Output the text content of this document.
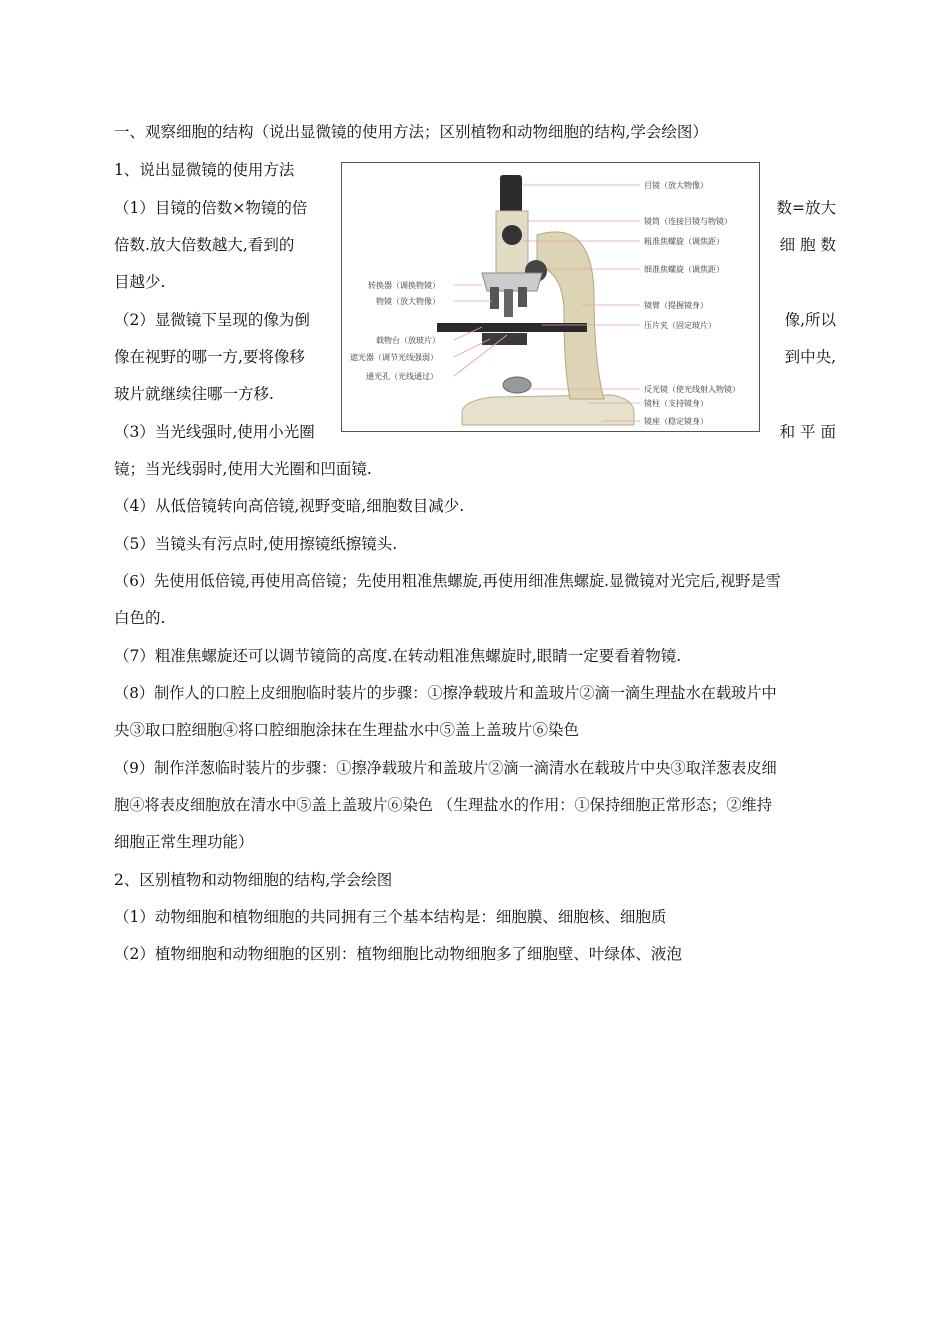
一、观察细胞的结构（说出显微镜的使用方法；区别植物和动物细胞的结构,学会绘图）
1、说出显微镜的使用方法
目镜（放大物像）
镜筒（连接目镜与物镜）
粗准焦螺旋（调焦距）
细准焦螺旋（调焦距）
镜臂（提握镜身）
压片夹（固定玻片）
反光镜（使光线射入物镜）
镜柱（支持镜身）
镜座（稳定镜身）
转换器（调换物镜）
物镜（放大物像）
载物台（放玻片）
遮光器（调节光线强弱）
通光孔（光线通过）
（1）目镜的倍数×物镜的倍	数=放大
倍数.放大倍数越大,看到的	细 胞 数
目越少.
（2）显微镜下呈现的像为倒	像,所以
像在视野的哪一方,要将像移	到中央,
玻片就继续往哪一方移.
（3）当光线强时,使用小光圈	和 平 面
镜；当光线弱时,使用大光圈和凹面镜.
（4）从低倍镜转向高倍镜,视野变暗,细胞数目减少.
（5）当镜头有污点时,使用擦镜纸擦镜头.
（6）先使用低倍镜,再使用高倍镜；先使用粗准焦螺旋,再使用细准焦螺旋.显微镜对光完后,视野是雪
白色的.
（7）粗准焦螺旋还可以调节镜筒的高度.在转动粗准焦螺旋时,眼睛一定要看着物镜.
（8）制作人的口腔上皮细胞临时装片的步骤：①擦净载玻片和盖玻片②滴一滴生理盐水在载玻片中
央③取口腔细胞④将口腔细胞涂抹在生理盐水中⑤盖上盖玻片⑥染色
（9）制作洋葱临时装片的步骤：①擦净载玻片和盖玻片②滴一滴清水在载玻片中央③取洋葱表皮细
胞④将表皮细胞放在清水中⑤盖上盖玻片⑥染色 （生理盐水的作用：①保持细胞正常形态；②维持
细胞正常生理功能）
2、区别植物和动物细胞的结构,学会绘图
（1）动物细胞和植物细胞的共同拥有三个基本结构是：细胞膜、细胞核、细胞质
（2）植物细胞和动物细胞的区别：植物细胞比动物细胞多了细胞壁、叶绿体、液泡
